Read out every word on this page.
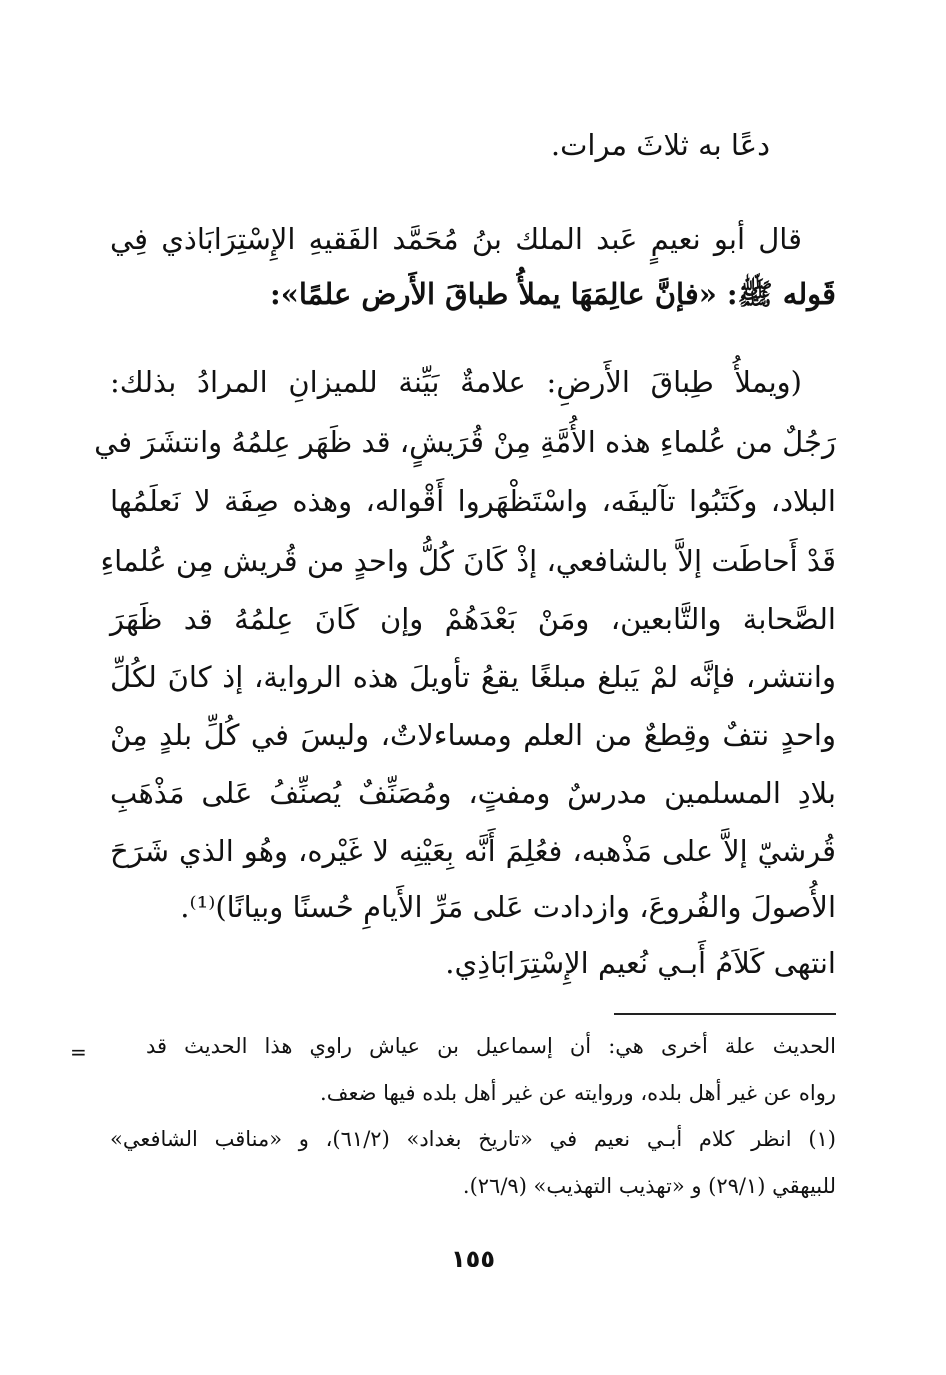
دعًا به ثلاثَ مرات.
قال أبو نعيمٍ عَبد الملك بنُ مُحَمَّد الفَقيهِ الإِسْتِرَابَاذي فِي
قَوله ﷺ: «فإنَّ عالِمَهَا يملأُ طباقَ الأَرض علمًا»:
(ويملأُ طِباقَ الأَرضِ: علامةٌ بَيِّنة للميزانِ المرادُ بذلك:
رَجُلٌ من عُلماءِ هذه الأُمَّةِ مِنْ قُرَيشٍ، قد ظَهَر عِلمُهُ وانتشَرَ في
البلاد، وكَتَبُوا تآليفَه، واسْتَظْهَروا أَقْواله، وهذه صِفَة لا نَعلَمُها
قَدْ أَحاطَت إلاَّ بالشافعي، إذْ كَانَ كُلُّ واحدٍ من قُريش مِن عُلماءِ
الصَّحابة والتَّابعين، ومَنْ بَعْدَهُمْ وإن كَانَ عِلمُهُ قد ظَهَرَ
وانتشر، فإنَّه لمْ يَبلغ مبلغًا يقعُ تأويلَ هذه الرواية، إذ كانَ لكُلِّ
واحدٍ نتفٌ وقِطعٌ من العلم ومساءلاتٌ، وليسَ في كُلِّ بلدٍ مِنْ
بلادِ المسلمين مدرسٌ ومفتٍ، ومُصَنِّفٌ يُصنِّفُ عَلى مَذْهَبِ
قُرشيّ إلاَّ على مَذْهبه، فعُلِمَ أَنَّه بِعَيْنِه لا غَيْره، وهُو الذي شَرَحَ
الأُصولَ والفُروعَ، وازدادت عَلى مَرِّ الأَيامِ حُسنًا وبيانًا)⁽¹⁾.
انتهى كَلاَمُ أَبـي نُعيم الإِسْتِرَابَاذِي.
=	الحديث علة أخرى هي: أن إسماعيل بن عياش راوي هذا الحديث قد
رواه عن غير أهل بلده، وروايته عن غير أهل بلده فيها ضعف.
(١) انظر كلام أبـي نعيم في «تاريخ بغداد» (٦١/٢)، و «مناقب الشافعي»
للبيهقي (٢٩/١) و «تهذيب التهذيب» (٢٦/٩).
١٥٥
